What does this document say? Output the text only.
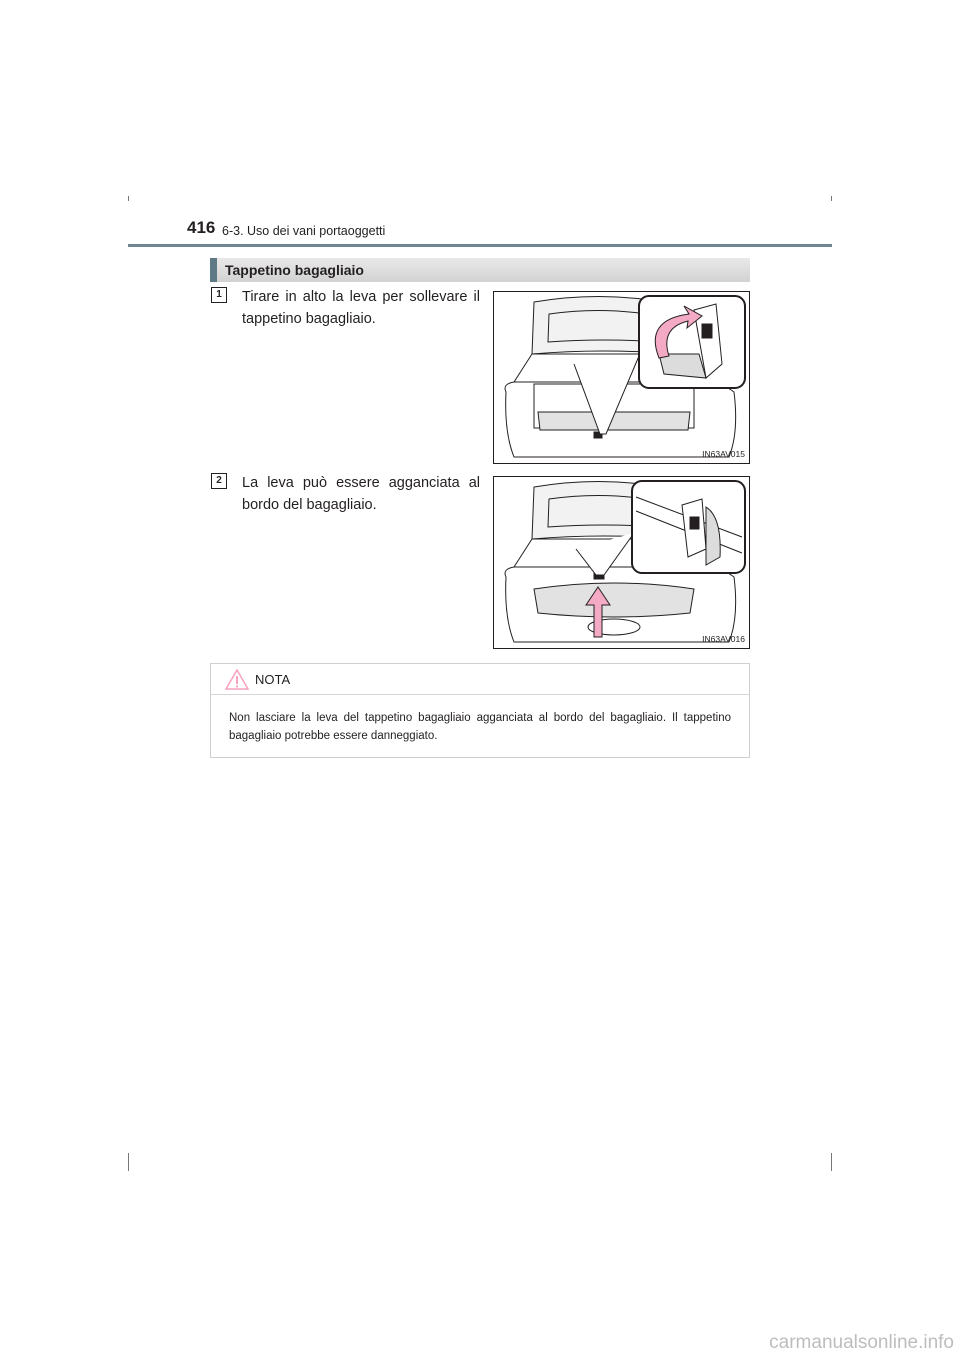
416 6-3. Uso dei vani portaoggetti
Tappetino bagagliaio
1	Tirare in alto la leva per sollevare il tappetino bagagliaio.
IN63AV015
2	La leva può essere agganciata al bordo del bagagliaio.
IN63AV016
NOTA
Non lasciare la leva del tappetino bagagliaio agganciata al bordo del bagagliaio. Il tappetino bagagliaio potrebbe essere danneggiato.
carmanualsonline.info
